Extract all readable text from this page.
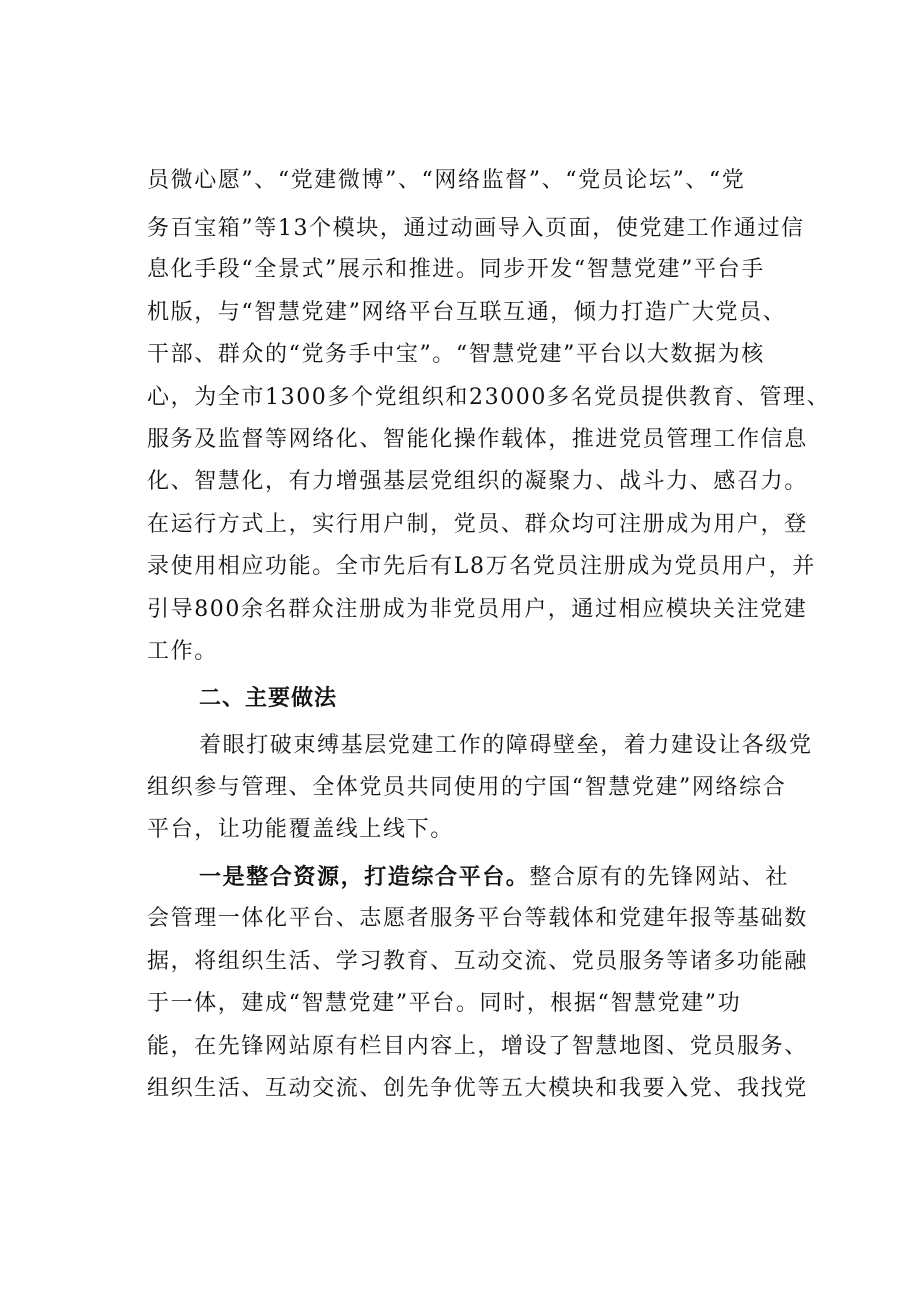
员微心愿”、“党建微博”、“网络监督”、“党员论坛”、“党
务百宝箱”等13个模块，通过动画导入页面，使党建工作通过信
息化手段“全景式”展示和推进。同步开发“智慧党建”平台手
机版，与“智慧党建”网络平台互联互通，倾力打造广大党员、
干部、群众的“党务手中宝”。“智慧党建”平台以大数据为核
心，为全市1300多个党组织和23000多名党员提供教育、管理、
服务及监督等网络化、智能化操作载体，推进党员管理工作信息
化、智慧化，有力增强基层党组织的凝聚力、战斗力、感召力。
在运行方式上，实行用户制，党员、群众均可注册成为用户，登
录使用相应功能。全市先后有L8万名党员注册成为党员用户，并
引导800余名群众注册成为非党员用户，通过相应模块关注党建
工作。
二、主要做法
着眼打破束缚基层党建工作的障碍壁垒，着力建设让各级党
组织参与管理、全体党员共同使用的宁国“智慧党建”网络综合
平台，让功能覆盖线上线下。
一是整合资源，打造综合平台。整合原有的先锋网站、社
会管理一体化平台、志愿者服务平台等载体和党建年报等基础数
据，将组织生活、学习教育、互动交流、党员服务等诸多功能融
于一体，建成“智慧党建”平台。同时，根据“智慧党建”功
能，在先锋网站原有栏目内容上，增设了智慧地图、党员服务、
组织生活、互动交流、创先争优等五大模块和我要入党、我找党
